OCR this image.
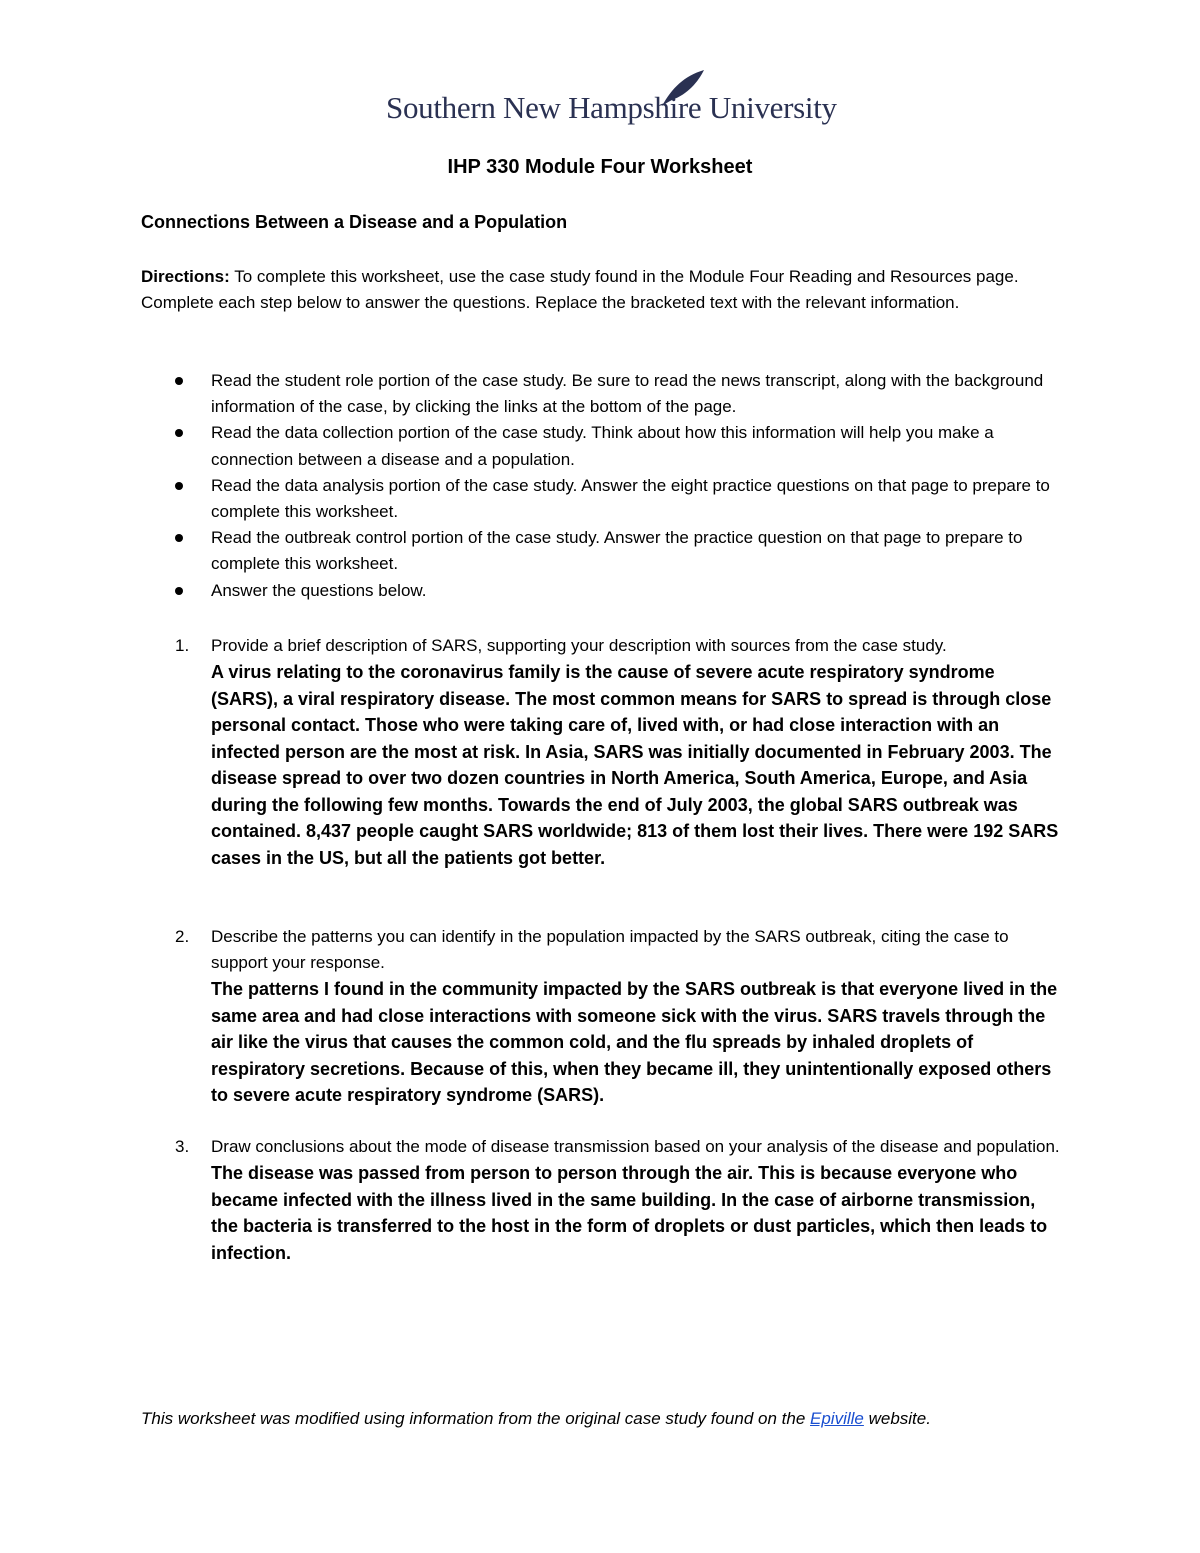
Southern New Hampshire University
IHP 330 Module Four Worksheet
Connections Between a Disease and a Population
Directions: To complete this worksheet, use the case study found in the Module Four Reading and Resources page. Complete each step below to answer the questions. Replace the bracketed text with the relevant information.
Read the student role portion of the case study. Be sure to read the news transcript, along with the background information of the case, by clicking the links at the bottom of the page.
Read the data collection portion of the case study. Think about how this information will help you make a connection between a disease and a population.
Read the data analysis portion of the case study. Answer the eight practice questions on that page to prepare to complete this worksheet.
Read the outbreak control portion of the case study. Answer the practice question on that page to prepare to complete this worksheet.
Answer the questions below.
1. Provide a brief description of SARS, supporting your description with sources from the case study.
A virus relating to the coronavirus family is the cause of severe acute respiratory syndrome (SARS), a viral respiratory disease. The most common means for SARS to spread is through close personal contact. Those who were taking care of, lived with, or had close interaction with an infected person are the most at risk. In Asia, SARS was initially documented in February 2003. The disease spread to over two dozen countries in North America, South America, Europe, and Asia during the following few months. Towards the end of July 2003, the global SARS outbreak was contained. 8,437 people caught SARS worldwide; 813 of them lost their lives. There were 192 SARS cases in the US, but all the patients got better.
2. Describe the patterns you can identify in the population impacted by the SARS outbreak, citing the case to support your response.
The patterns I found in the community impacted by the SARS outbreak is that everyone lived in the same area and had close interactions with someone sick with the virus. SARS travels through the air like the virus that causes the common cold, and the flu spreads by inhaled droplets of respiratory secretions. Because of this, when they became ill, they unintentionally exposed others to severe acute respiratory syndrome (SARS).
3. Draw conclusions about the mode of disease transmission based on your analysis of the disease and population.
The disease was passed from person to person through the air. This is because everyone who became infected with the illness lived in the same building. In the case of airborne transmission, the bacteria is transferred to the host in the form of droplets or dust particles, which then leads to infection.
This worksheet was modified using information from the original case study found on the Epiville website.
